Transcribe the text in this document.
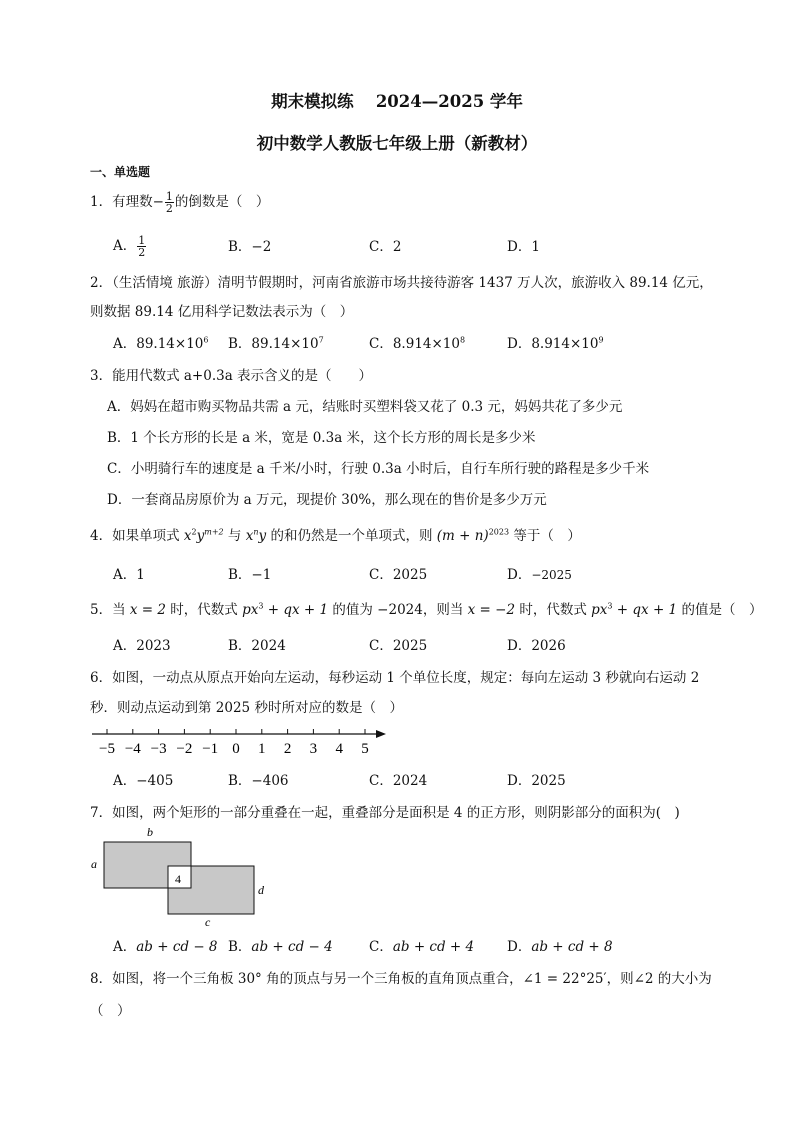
期末模拟练　 2024—2025 学年
初中数学人教版七年级上册（新教材）
一、单选题
1．有理数− $\frac{1}{2}$ 的倒数是（　）
A． $\frac{1}{2}$	B．−2	C．2	D．1
2．（生活情境 旅游）清明节假期时，河南省旅游市场共接待游客 1437 万人次，旅游收入 89.14 亿元，
则数据 89.14 亿用科学记数法表示为（　）
A．$89.14\times 10^6$ B．$89.14\times 10^7$	C．$8.914\times 10^8$	D．$8.914\times 10^9$
3．能用代数式 a+0.3a 表示含义的是（　　）
A．妈妈在超市购买物品共需 a 元，结账时买塑料袋又花了 0.3 元，妈妈共花了多少元
B．1 个长方形的长是 a 米，宽是 0.3a 米，这个长方形的周长是多少米
C．小明骑行车的速度是 a 千米/小时，行驶 0.3a 小时后，自行车所行驶的路程是多少千米
D．一套商品房原价为 a 万元，现提价 30%，那么现在的售价是多少万元
4．如果单项式 $x^2y^{m+2}$ 与 $x^ny$ 的和仍然是一个单项式，则 $(m + n)^{2023}$ 等于（　）
A．1	B．−1	C．2025	D．−2025
5．当 x = 2 时，代数式 $px^3$ + qx + 1 的值为 −2024，则当 x = −2 时，代数式 $px^3$ + qx + 1 的值是（　）
A．2023	B．2024	C．2025	D．2026
6．如图，一动点从原点开始向左运动，每秒运动 1 个单位长度，规定：每向左运动 3 秒就向右运动 2
秒．则动点运动到第 2025 秒时所对应的数是（　）
−5 −4 −3 −2 −1 0 1 2 3 4 5
A．−405	B．−406	C．2024	D．2025
7．如图，两个矩形的一部分重叠在一起，重叠部分是面积是 4 的正方形，则阴影部分的面积为(　)
b
a
4
d
c
A．ab + cd − 8 B．ab + cd − 4	C．ab + cd + 4 D．ab + cd + 8
8．如图，将一个三角板 30° 角的顶点与另一个三角板的直角顶点重合，∠1 = 22°25′，则∠2 的大小为
（　）
